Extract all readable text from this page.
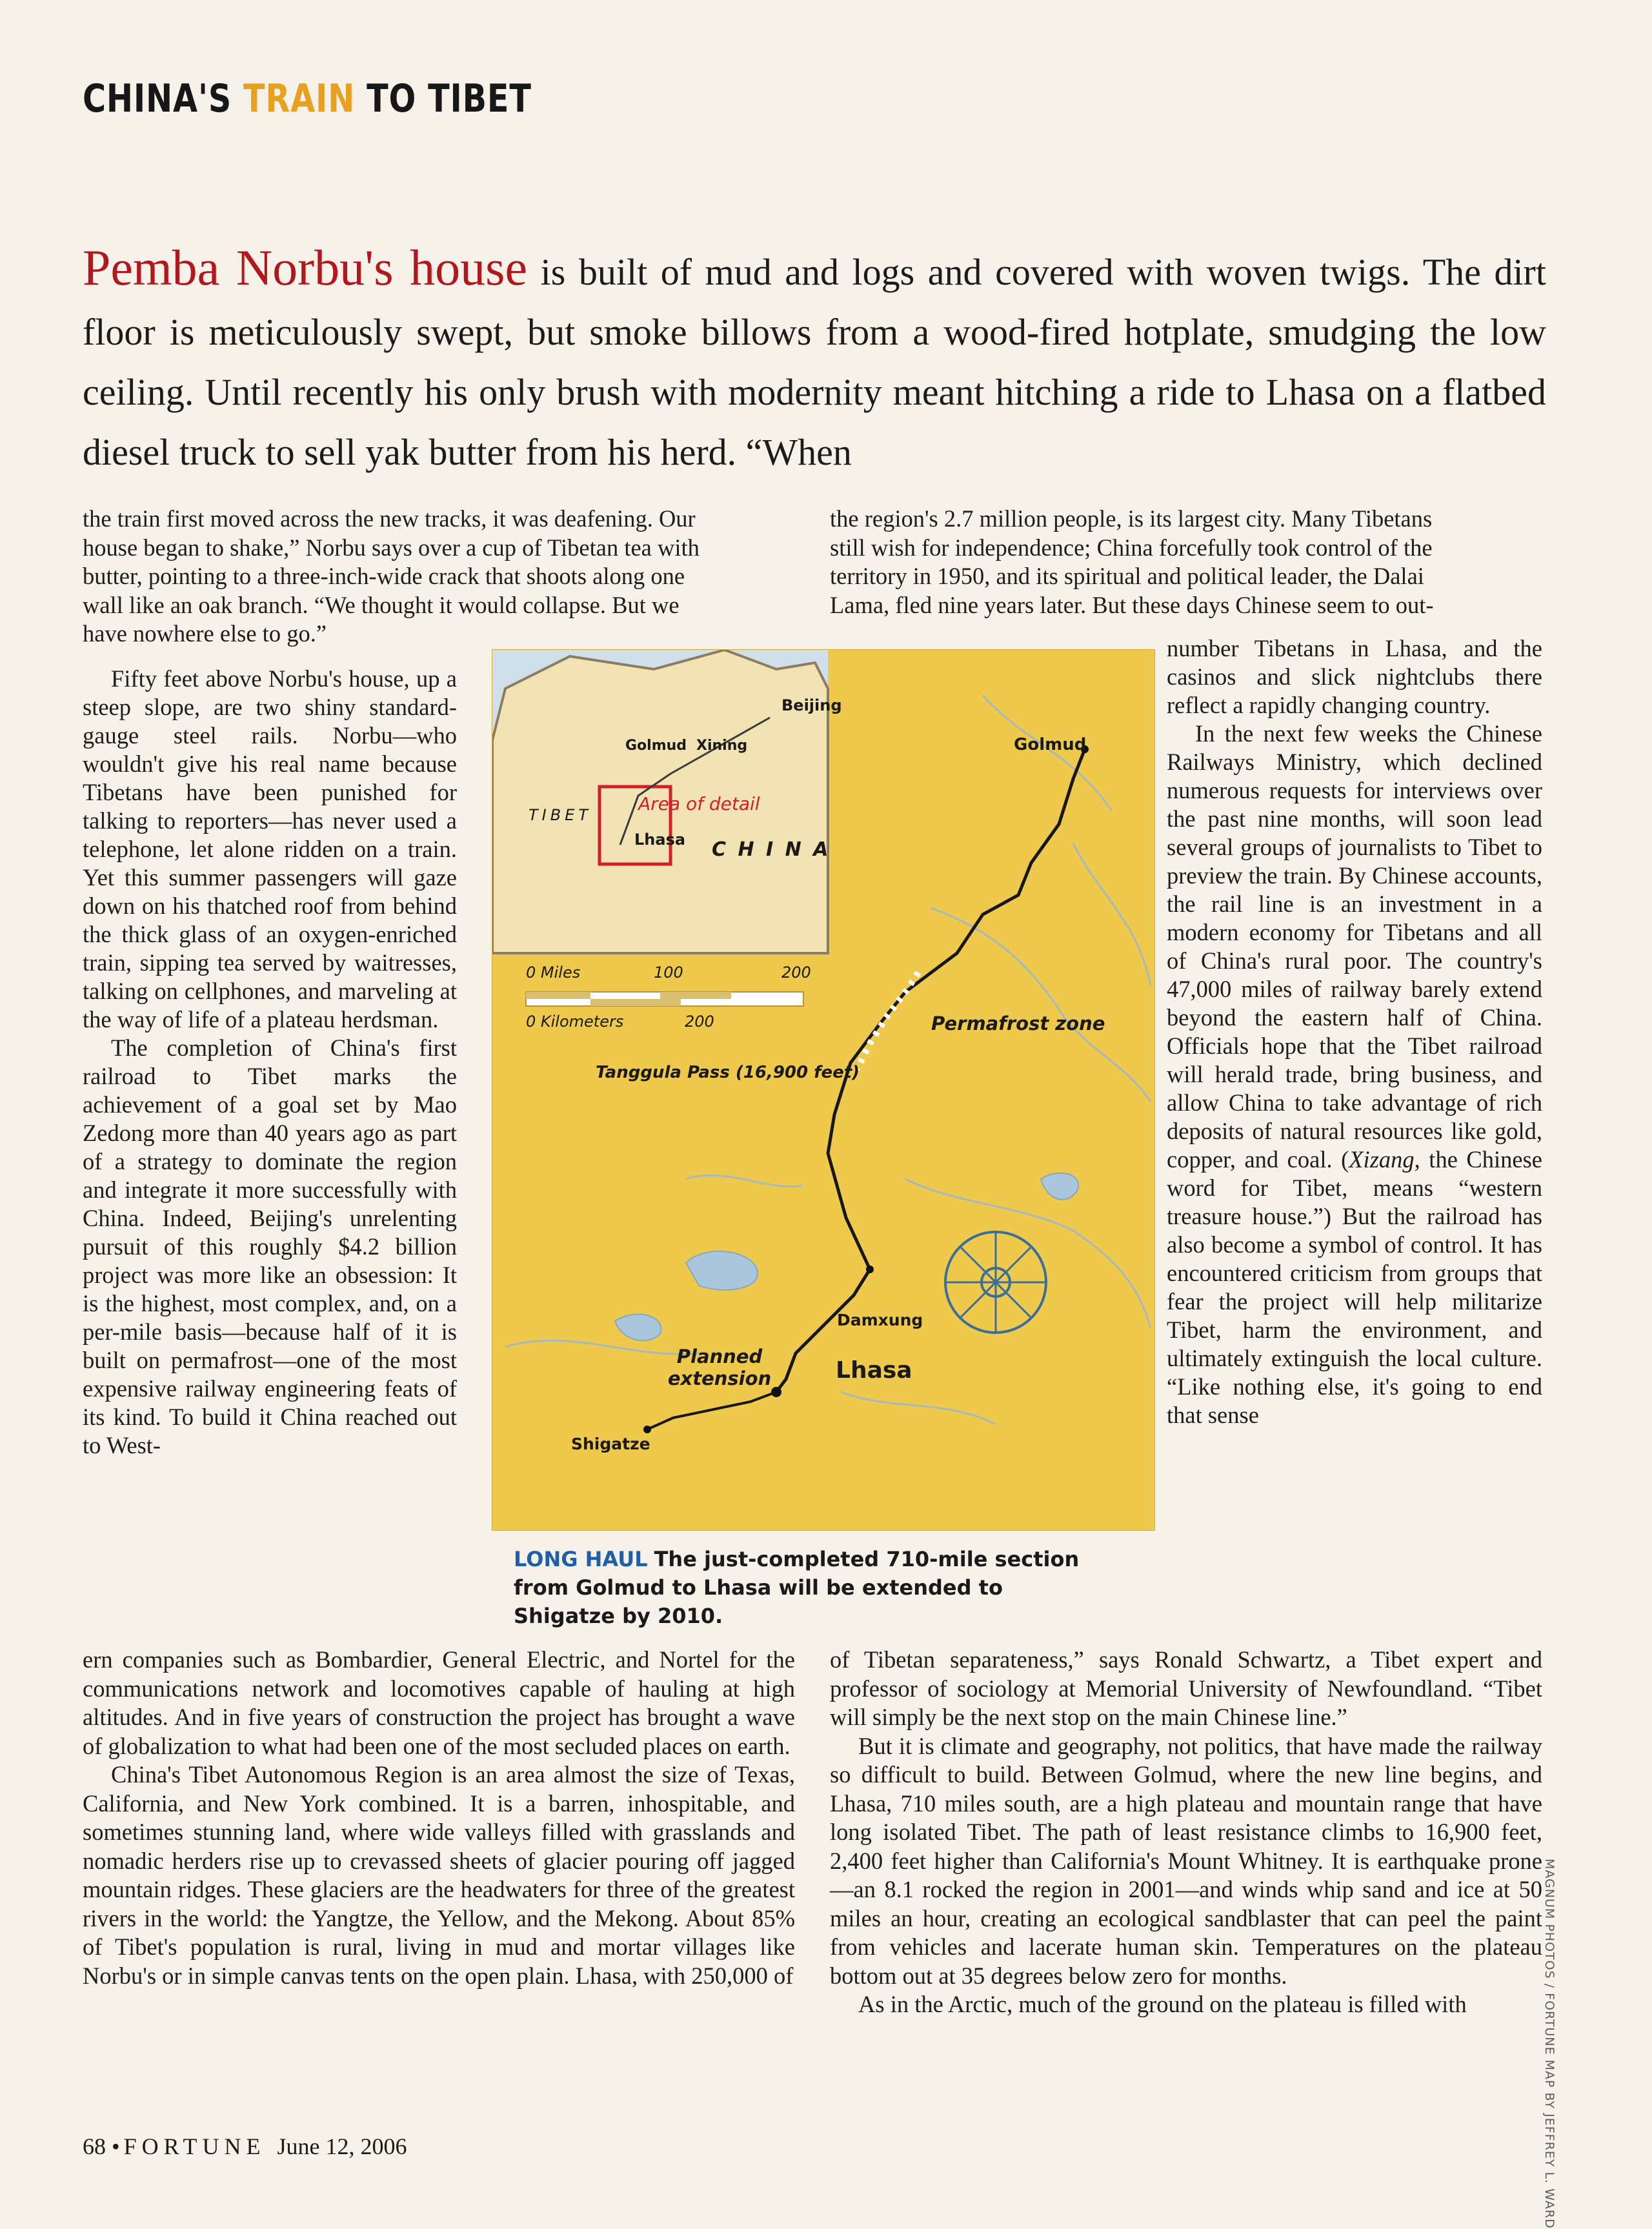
CHINA'S TRAIN TO TIBET
Pemba Norbu's house is built of mud and logs and covered with woven twigs. The dirt floor is meticulously swept, but smoke billows from a wood-fired hotplate, smudging the low ceiling. Until recently his only brush with modernity meant hitching a ride to Lhasa on a flatbed diesel truck to sell yak butter from his herd. “When
the train first moved across the new tracks, it was deafening. Our
house began to shake,” Norbu says over a cup of Tibetan tea with
butter, pointing to a three-inch-wide crack that shoots along one
wall like an oak branch. “We thought it would collapse. But we
have nowhere else to go.”

Fifty feet above Norbu's house, up a steep slope, are two shiny standard-gauge steel rails. Norbu—who wouldn't give his real name because Tibetans have been punished for talking to reporters—has never used a telephone, let alone ridden on a train. Yet this summer passengers will gaze down on his thatched roof from behind the thick glass of an oxygen-enriched train, sipping tea served by waitresses, talking on cellphones, and marveling at the way of life of a plateau herdsman.

The completion of China's first railroad to Tibet marks the achievement of a goal set by Mao Zedong more than 40 years ago as part of a strategy to dominate the region and integrate it more successfully with China. Indeed, Beijing's unrelenting pursuit of this roughly $4.2 billion project was more like an obsession: It is the highest, most complex, and, on a per-mile basis—because half of it is built on permafrost—one of the most expensive railway engineering feats of its kind. To build it China reached out to West-

ern companies such as Bombardier, General Electric, and Nortel for the communications network and locomotives capable of hauling at high altitudes. And in five years of construction the project has brought a wave of globalization to what had been one of the most secluded places on earth.

China's Tibet Autonomous Region is an area almost the size of Texas, California, and New York combined. It is a barren, inhospitable, and sometimes stunning land, where wide valleys filled with grasslands and nomadic herders rise up to crevassed sheets of glacier pouring off jagged mountain ridges. These glaciers are the headwaters for three of the greatest rivers in the world: the Yangtze, the Yellow, and the Mekong. About 85% of Tibet's population is rural, living in mud and mortar villages like Norbu's or in simple canvas tents on the open plain. Lhasa, with 250,000 of

the region's 2.7 million people, is its largest city. Many Tibetans
still wish for independence; China forcefully took control of the
territory in 1950, and its spiritual and political leader, the Dalai
Lama, fled nine years later. But these days Chinese seem to out-

number Tibetans in Lhasa, and the casinos and slick nightclubs there reflect a rapidly changing country.

In the next few weeks the Chinese Railways Ministry, which declined numerous requests for interviews over the past nine months, will soon lead several groups of journalists to Tibet to preview the train. By Chinese accounts, the rail line is an investment in a modern economy for Tibetans and all of China's rural poor. The country's 47,000 miles of railway barely extend beyond the eastern half of China. Officials hope that the Tibet railroad will herald trade, bring business, and allow China to take advantage of rich deposits of natural resources like gold, copper, and coal. (Xizang, the Chinese word for Tibet, means “western treasure house.”) But the railroad has also become a symbol of control. It has encountered criticism from groups that fear the project will help militarize Tibet, harm the environment, and ultimately extinguish the local culture. “Like nothing else, it's going to end that sense

of Tibetan separateness,” says Ronald Schwartz, a Tibet expert and professor of sociology at Memorial University of Newfoundland. “Tibet will simply be the next stop on the main Chinese line.”

But it is climate and geography, not politics, that have made the railway so difficult to build. Between Golmud, where the new line begins, and Lhasa, 710 miles south, are a high plateau and mountain range that have long isolated Tibet. The path of least resistance climbs to 16,900 feet, 2,400 feet higher than California's Mount Whitney. It is earthquake prone—an 8.1 rocked the region in 2001—and winds whip sand and ice at 50 miles an hour, creating an ecological sandblaster that can peel the paint from vehicles and lacerate human skin. Temperatures on the plateau bottom out at 35 degrees below zero for months.

As in the Arctic, much of the ground on the plateau is filled with

Beijing
Golmud Xining
TIBET
Area of detail
Lhasa C H I N A
0 Miles	100	200
0 Kilometers	200
Golmud
Permafrost zone
Tanggula Pass (16,900 feet)
Damxung
Lhasa
Planned
extension
Shigatze
LONG HAUL The just-completed 710-mile section from Golmud to Lhasa will be extended to Shigatze by 2010.
MAGNUM PHOTOS / FORTUNE MAP BY JEFFREY L. WARD
68 • FORTUNE June 12, 2006
